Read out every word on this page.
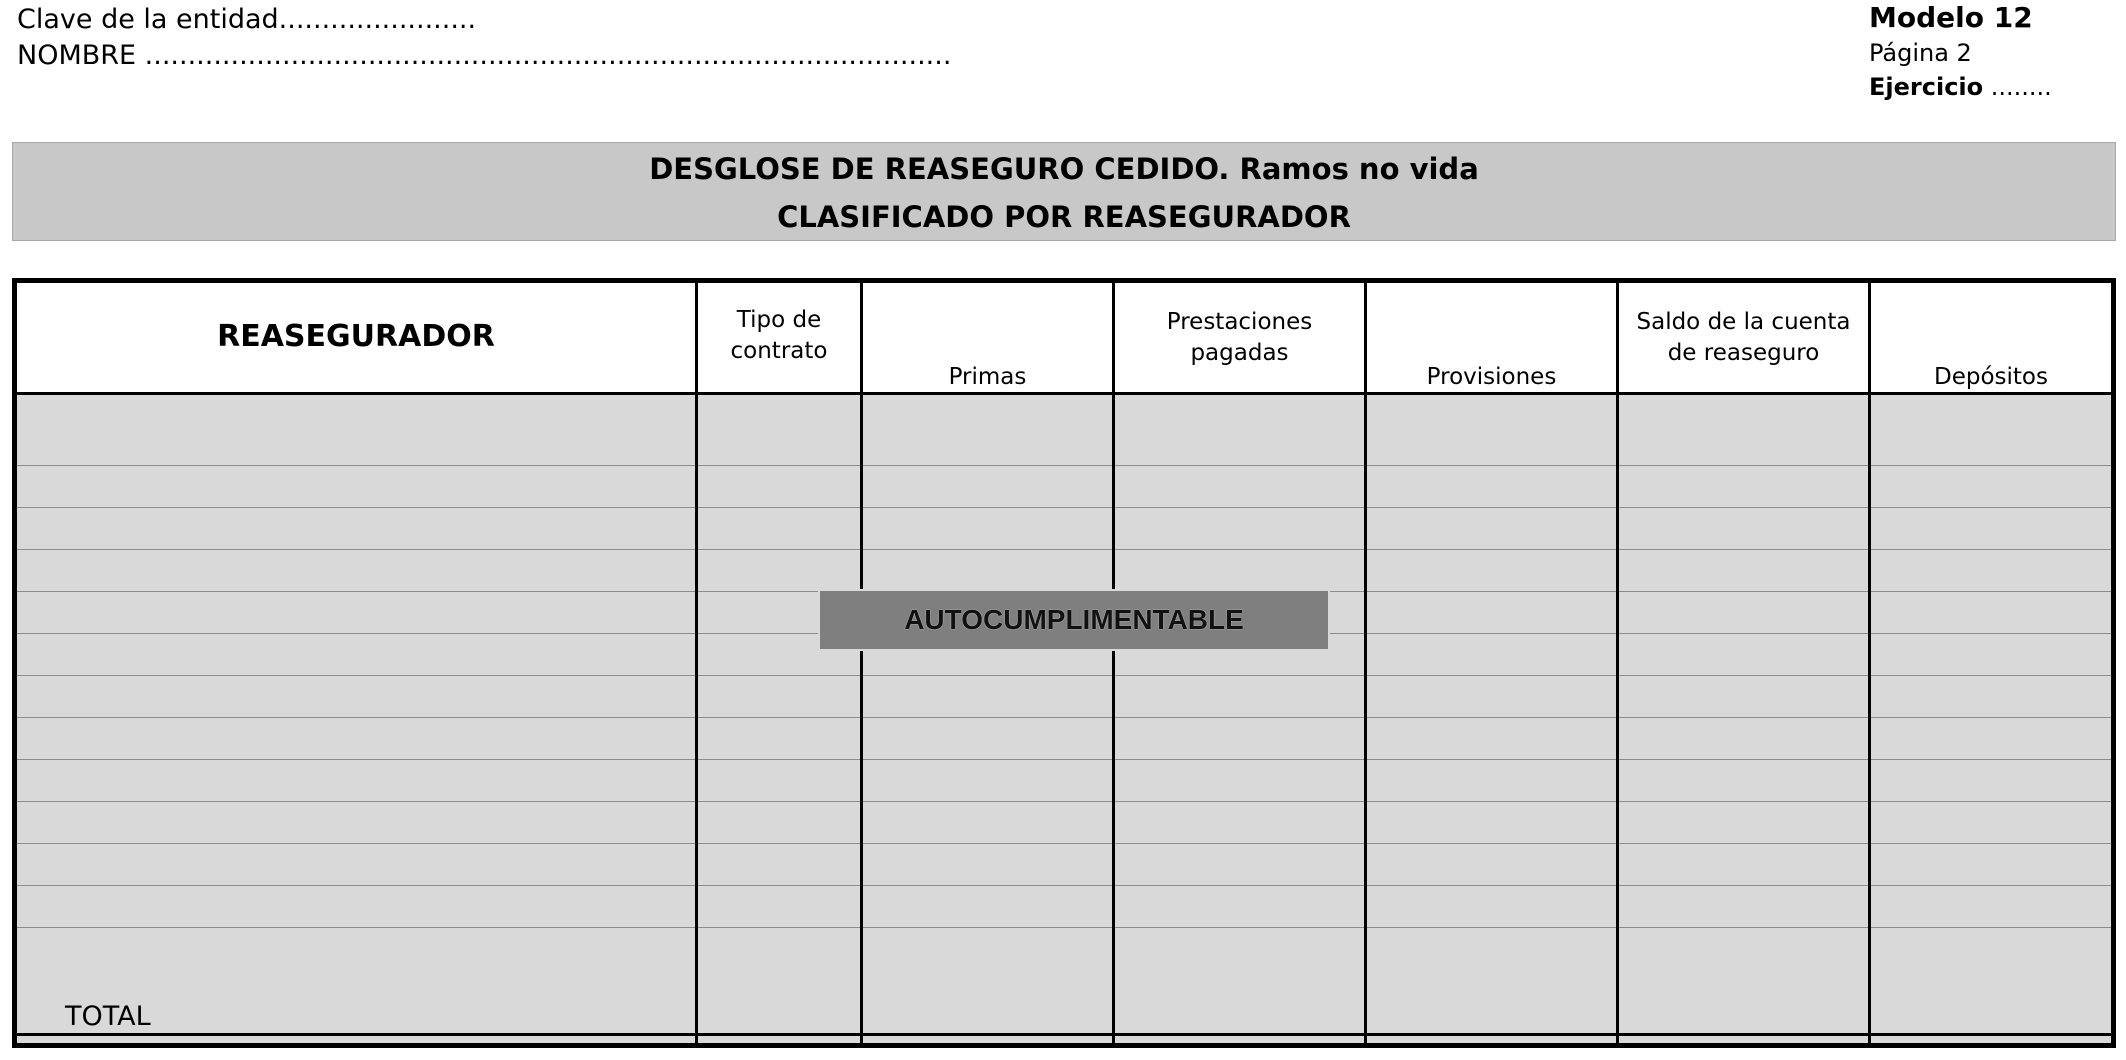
Clave de la entidad.......................
NOMBRE ..............................................................................................
Modelo 12
Página 2
Ejercicio ........
DESGLOSE DE REASEGURO CEDIDO. Ramos no vida
CLASIFICADO POR REASEGURADOR
REASEGURADOR	Tipo de
contrato
Primas
Prestaciones
pagadas
Provisiones
Saldo de la cuenta
de reaseguro
Depósitos
TOTAL
AUTOCUMPLIMENTABLE
